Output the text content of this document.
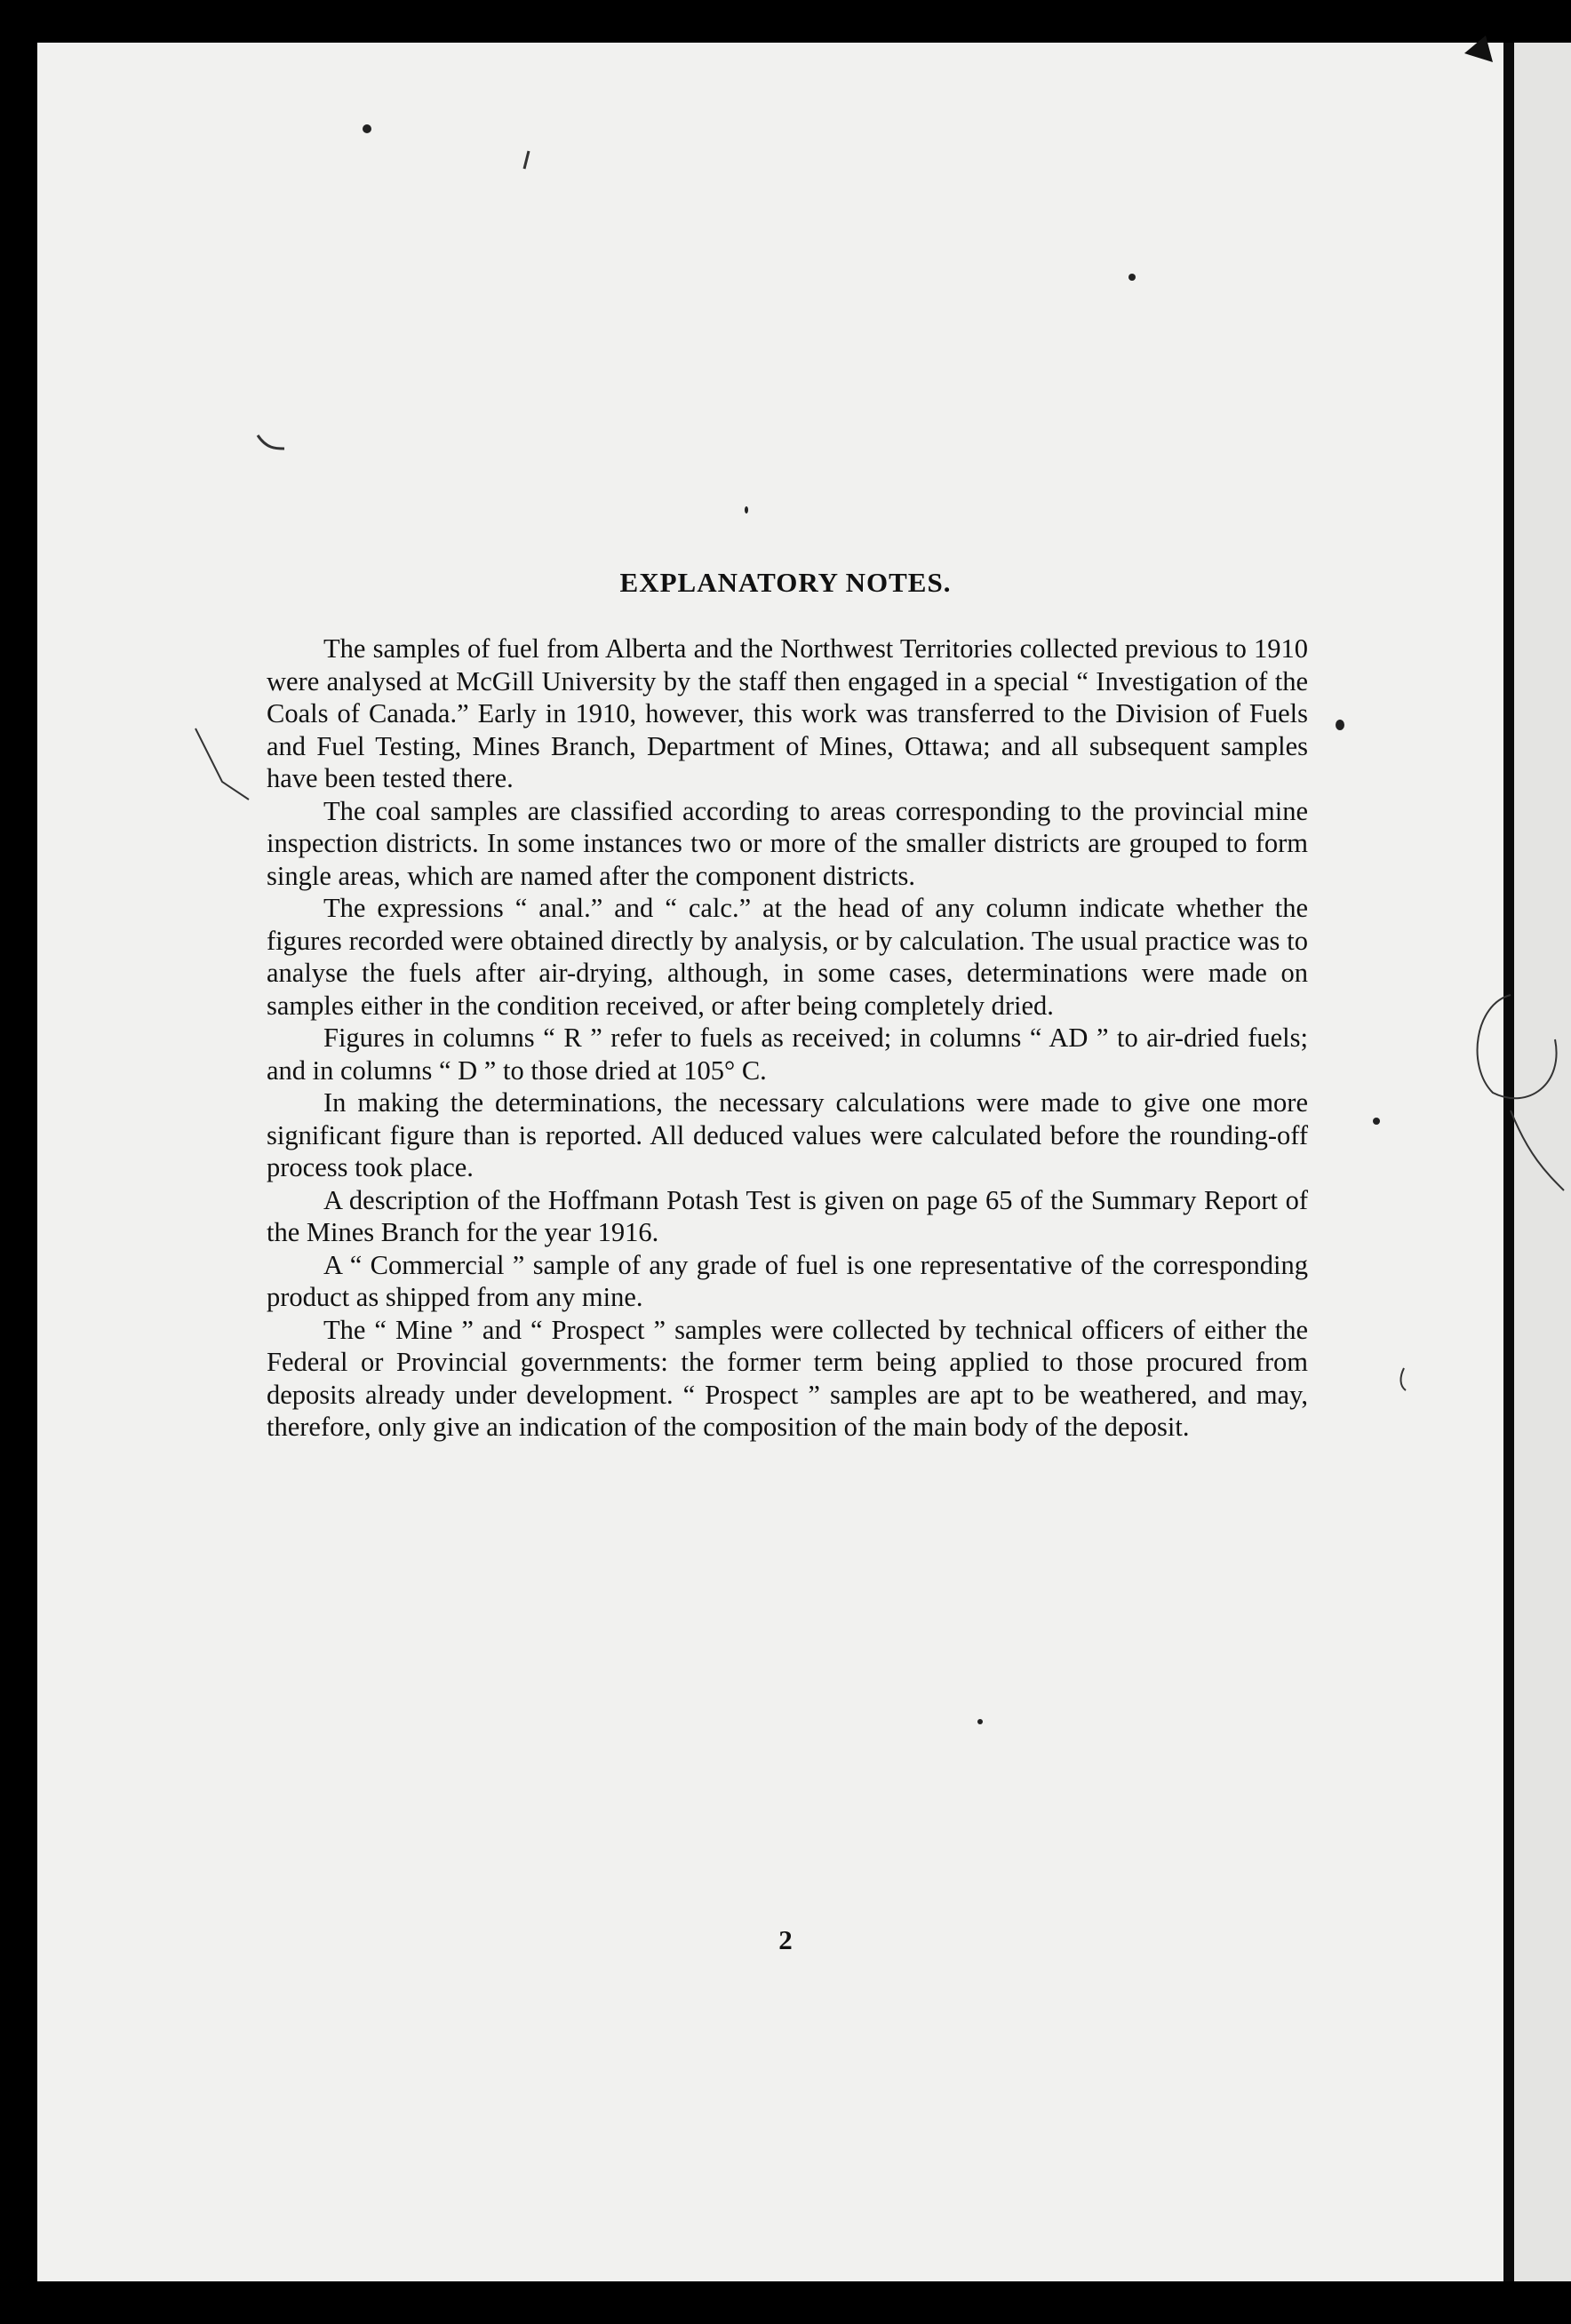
EXPLANATORY NOTES.

The samples of fuel from Alberta and the Northwest Territories collected previous to 1910 were analysed at McGill University by the staff then engaged in a special “ Investigation of the Coals of Canada.” Early in 1910, however, this work was transferred to the Division of Fuels and Fuel Testing, Mines Branch, Department of Mines, Ottawa; and all subsequent samples have been tested there.

The coal samples are classified according to areas corresponding to the provincial mine inspection districts. In some instances two or more of the smaller districts are grouped to form single areas, which are named after the component districts.

The expressions “ anal.” and “ calc.” at the head of any column indicate whether the figures recorded were obtained directly by analysis, or by calculation. The usual practice was to analyse the fuels after air-drying, although, in some cases, determinations were made on samples either in the condition received, or after being completely dried.

Figures in columns “ R ” refer to fuels as received; in columns “ AD ” to air-dried fuels; and in columns “ D ” to those dried at 105° C.

In making the determinations, the necessary calculations were made to give one more significant figure than is reported. All deduced values were calculated before the rounding-off process took place.

A description of the Hoffmann Potash Test is given on page 65 of the Summary Report of the Mines Branch for the year 1916.

A “ Commercial ” sample of any grade of fuel is one representative of the corresponding product as shipped from any mine.

The “ Mine ” and “ Prospect ” samples were collected by technical officers of either the Federal or Provincial governments: the former term being applied to those procured from deposits already under development. “ Prospect ” samples are apt to be weathered, and may, therefore, only give an indication of the composition of the main body of the deposit.

2
